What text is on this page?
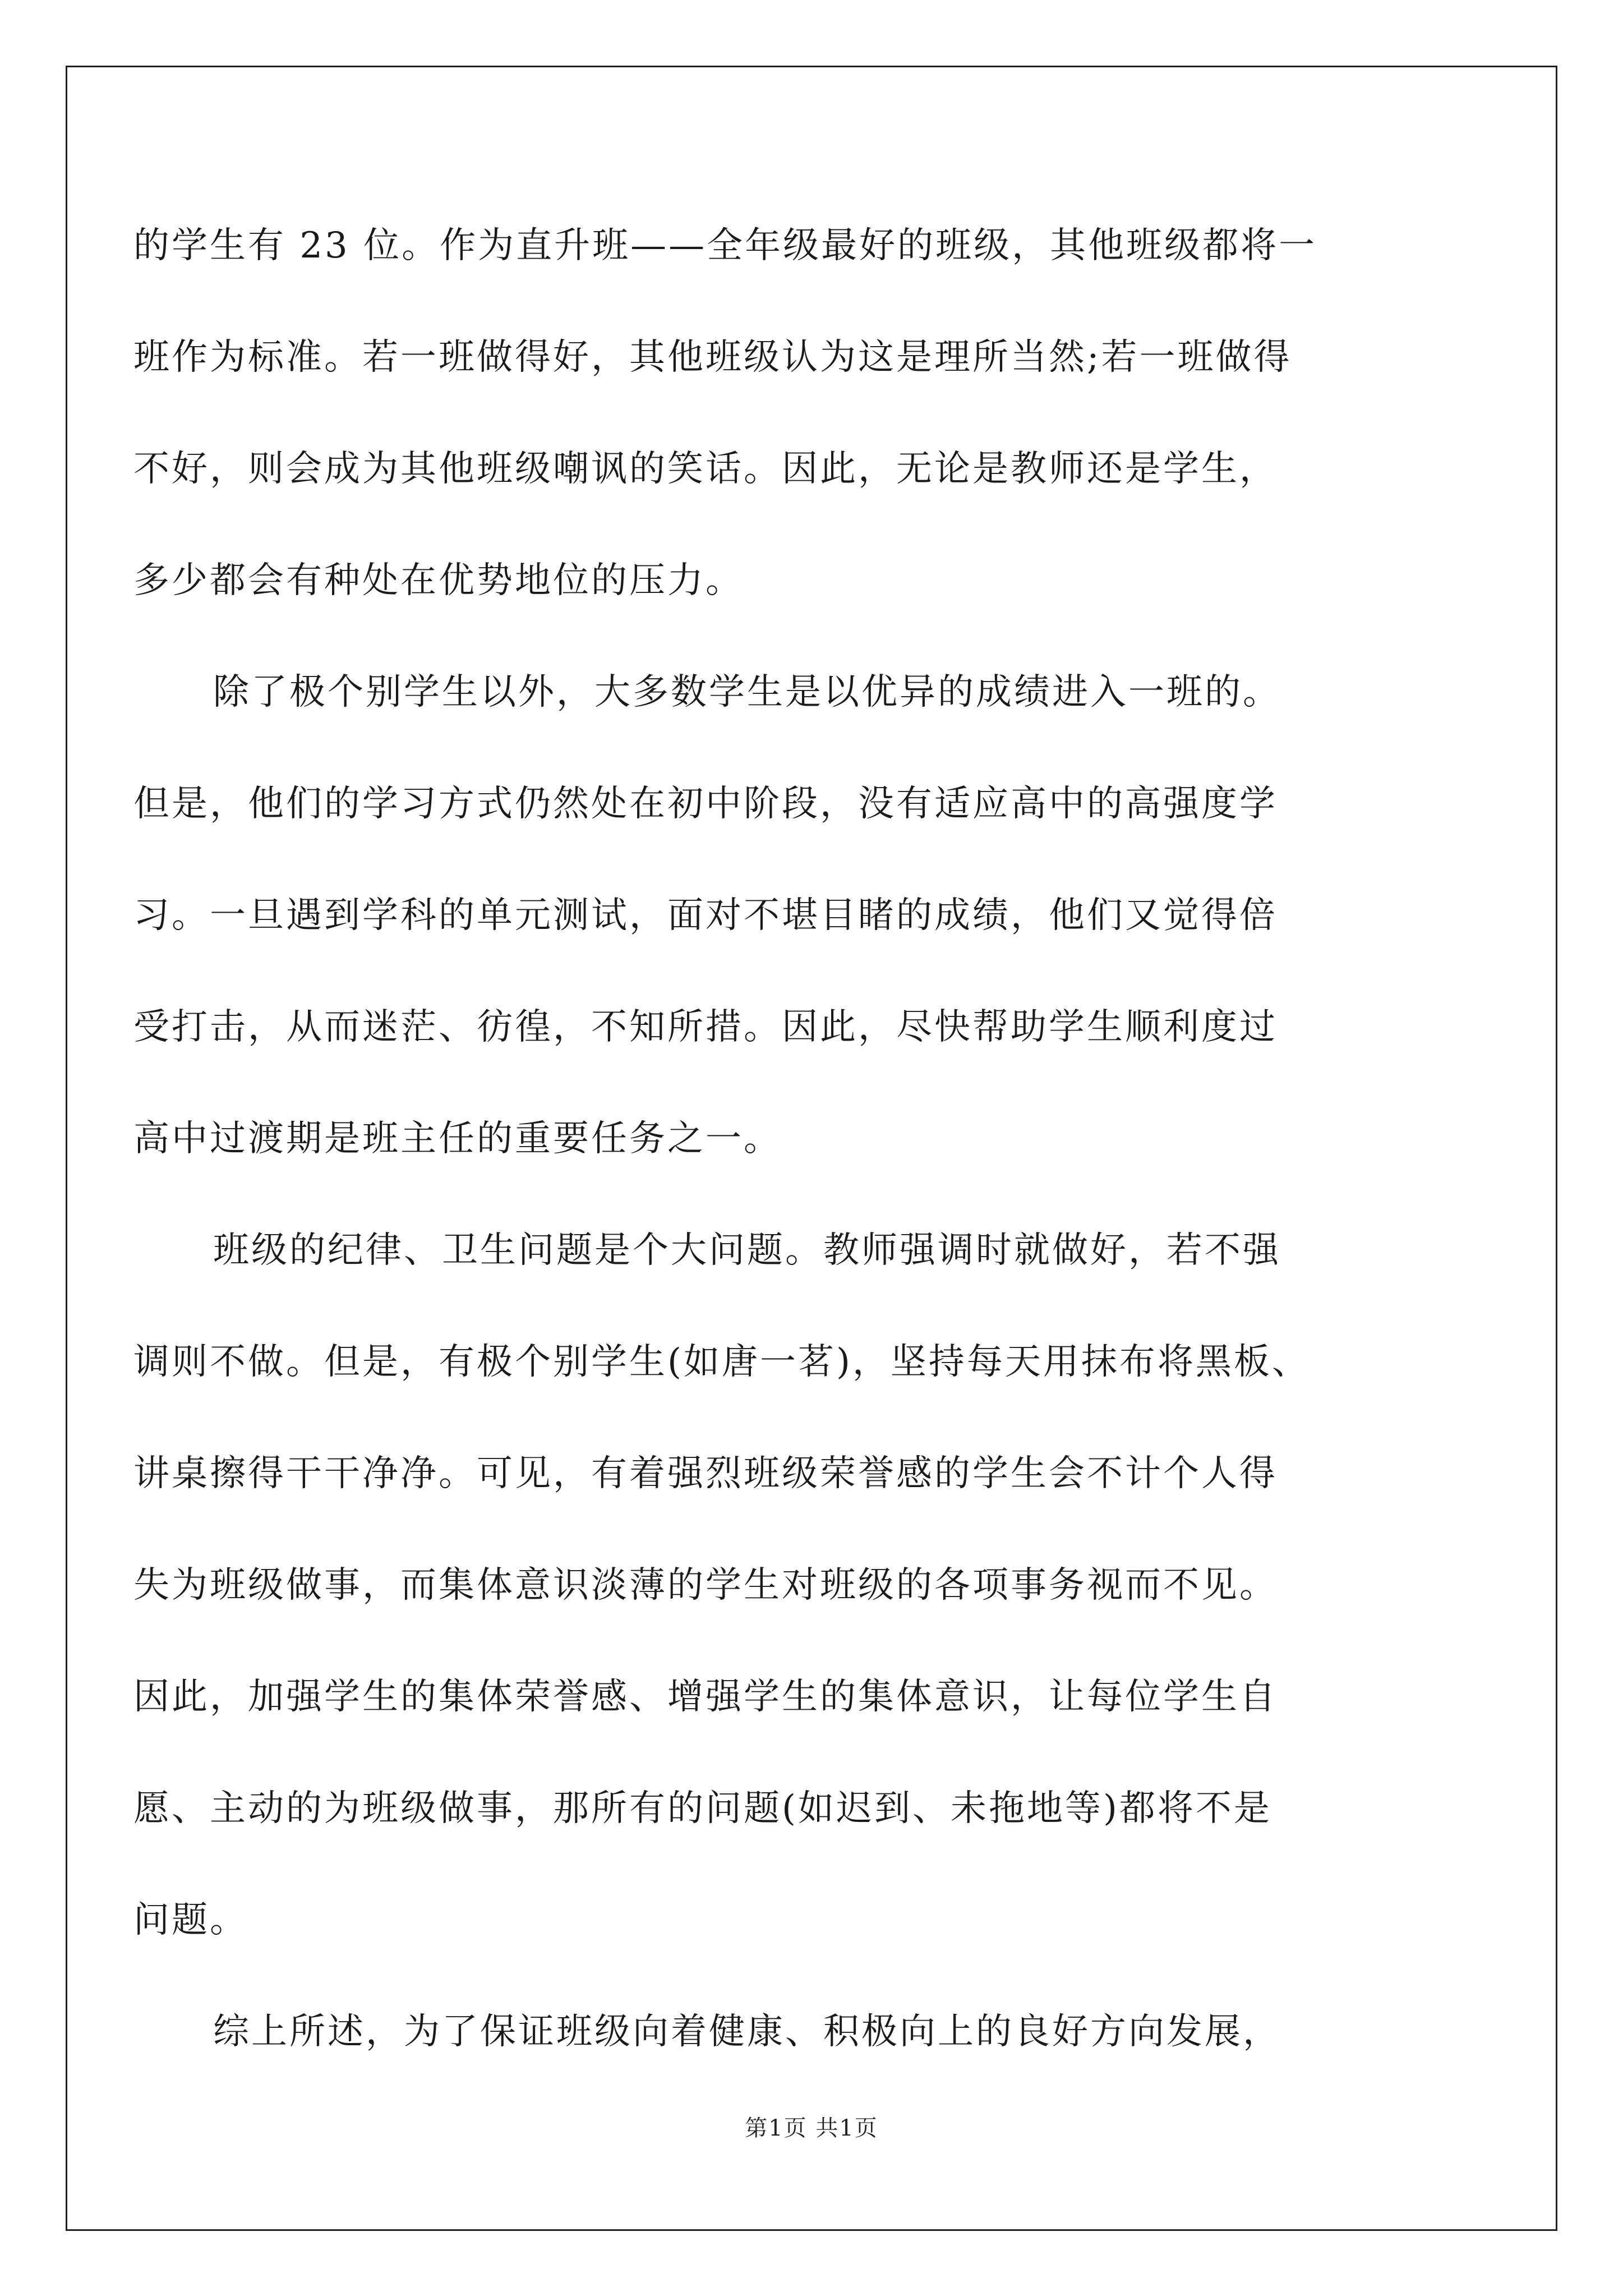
的学生有 23 位。作为直升班——全年级最好的班级，其他班级都将一
班作为标准。若一班做得好，其他班级认为这是理所当然;若一班做得
不好，则会成为其他班级嘲讽的笑话。因此，无论是教师还是学生，
多少都会有种处在优势地位的压力。
除了极个别学生以外，大多数学生是以优异的成绩进入一班的。
但是，他们的学习方式仍然处在初中阶段，没有适应高中的高强度学
习。一旦遇到学科的单元测试，面对不堪目睹的成绩，他们又觉得倍
受打击，从而迷茫、彷徨，不知所措。因此，尽快帮助学生顺利度过
高中过渡期是班主任的重要任务之一。
班级的纪律、卫生问题是个大问题。教师强调时就做好，若不强
调则不做。但是，有极个别学生(如唐一茗)，坚持每天用抹布将黑板、
讲桌擦得干干净净。可见，有着强烈班级荣誉感的学生会不计个人得
失为班级做事，而集体意识淡薄的学生对班级的各项事务视而不见。
因此，加强学生的集体荣誉感、增强学生的集体意识，让每位学生自
愿、主动的为班级做事，那所有的问题(如迟到、未拖地等)都将不是
问题。
综上所述，为了保证班级向着健康、积极向上的良好方向发展，
第1页 共1页
